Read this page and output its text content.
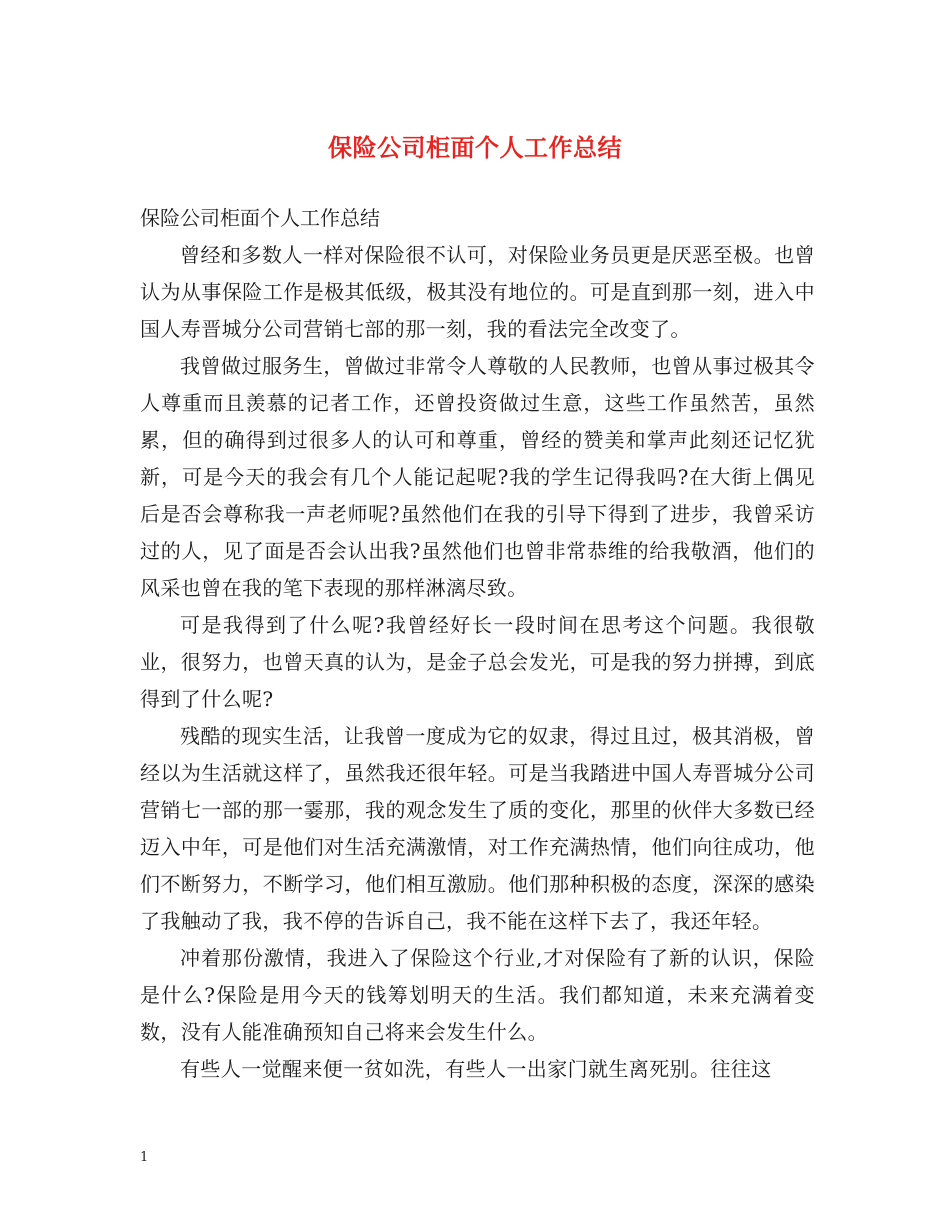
保险公司柜面个人工作总结

保险公司柜面个人工作总结

曾经和多数人一样对保险很不认可，对保险业务员更是厌恶至极。也曾认为从事保险工作是极其低级，极其没有地位的。可是直到那一刻，进入中国人寿晋城分公司营销七部的那一刻，我的看法完全改变了。

我曾做过服务生，曾做过非常令人尊敬的人民教师，也曾从事过极其令人尊重而且羡慕的记者工作，还曾投资做过生意，这些工作虽然苦，虽然累，但的确得到过很多人的认可和尊重，曾经的赞美和掌声此刻还记忆犹新，可是今天的我会有几个人能记起呢?我的学生记得我吗?在大街上偶见后是否会尊称我一声老师呢?虽然他们在我的引导下得到了进步，我曾采访过的人，见了面是否会认出我?虽然他们也曾非常恭维的给我敬酒，他们的风采也曾在我的笔下表现的那样淋漓尽致。

可是我得到了什么呢?我曾经好长一段时间在思考这个问题。我很敬业，很努力，也曾天真的认为，是金子总会发光，可是我的努力拼搏，到底得到了什么呢?

残酷的现实生活，让我曾一度成为它的奴隶，得过且过，极其消极，曾经以为生活就这样了，虽然我还很年轻。可是当我踏进中国人寿晋城分公司营销七一部的那一霎那，我的观念发生了质的变化，那里的伙伴大多数已经迈入中年，可是他们对生活充满激情，对工作充满热情，他们向往成功，他们不断努力，不断学习，他们相互激励。他们那种积极的态度，深深的感染了我触动了我，我不停的告诉自己，我不能在这样下去了，我还年轻。

冲着那份激情，我进入了保险这个行业,才对保险有了新的认识，保险是什么?保险是用今天的钱筹划明天的生活。我们都知道，未来充满着变数，没有人能准确预知自己将来会发生什么。

有些人一觉醒来便一贫如洗，有些人一出家门就生离死别。往往这

1
